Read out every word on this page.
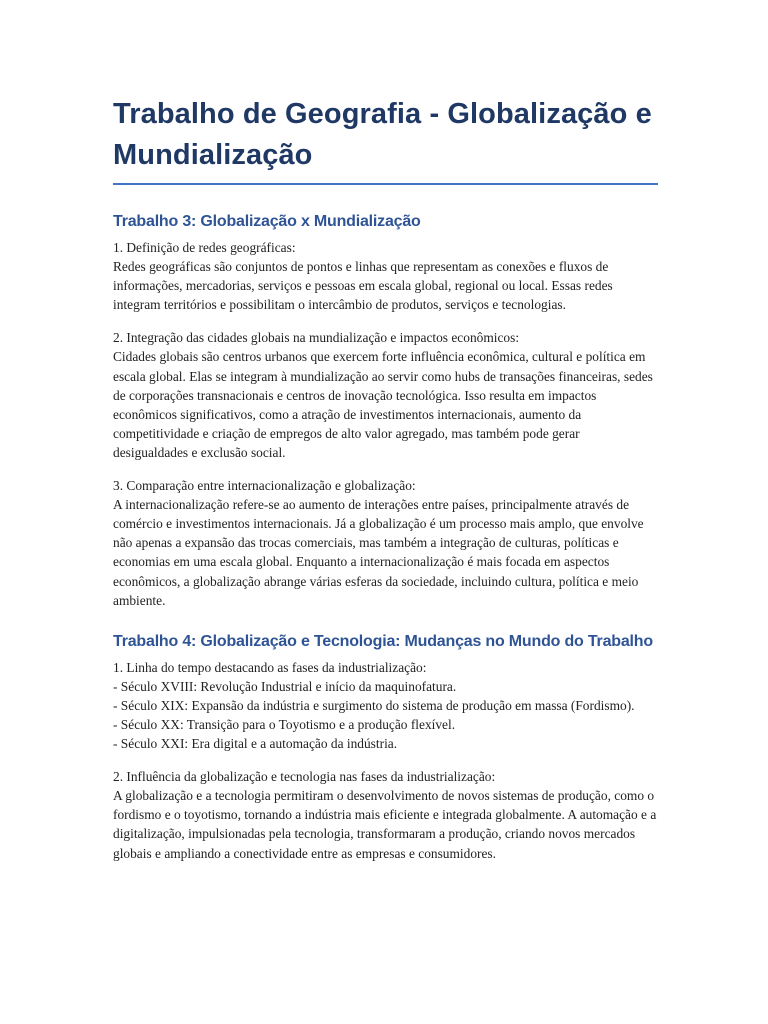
Trabalho de Geografia - Globalização e Mundialização
Trabalho 3: Globalização x Mundialização

1. Definição de redes geográficas:
Redes geográficas são conjuntos de pontos e linhas que representam as conexões e fluxos de informações, mercadorias, serviços e pessoas em escala global, regional ou local. Essas redes integram territórios e possibilitam o intercâmbio de produtos, serviços e tecnologias.

2. Integração das cidades globais na mundialização e impactos econômicos:
Cidades globais são centros urbanos que exercem forte influência econômica, cultural e política em escala global. Elas se integram à mundialização ao servir como hubs de transações financeiras, sedes de corporações transnacionais e centros de inovação tecnológica. Isso resulta em impactos econômicos significativos, como a atração de investimentos internacionais, aumento da competitividade e criação de empregos de alto valor agregado, mas também pode gerar desigualdades e exclusão social.

3. Comparação entre internacionalização e globalização:
A internacionalização refere-se ao aumento de interações entre países, principalmente através de comércio e investimentos internacionais. Já a globalização é um processo mais amplo, que envolve não apenas a expansão das trocas comerciais, mas também a integração de culturas, políticas e economias em uma escala global. Enquanto a internacionalização é mais focada em aspectos econômicos, a globalização abrange várias esferas da sociedade, incluindo cultura, política e meio ambiente.

Trabalho 4: Globalização e Tecnologia: Mudanças no Mundo do Trabalho

1. Linha do tempo destacando as fases da industrialização:
- Século XVIII: Revolução Industrial e início da maquinofatura.
- Século XIX: Expansão da indústria e surgimento do sistema de produção em massa (Fordismo).
- Século XX: Transição para o Toyotismo e a produção flexível.
- Século XXI: Era digital e a automação da indústria.

2. Influência da globalização e tecnologia nas fases da industrialização:
A globalização e a tecnologia permitiram o desenvolvimento de novos sistemas de produção, como o fordismo e o toyotismo, tornando a indústria mais eficiente e integrada globalmente. A automação e a digitalização, impulsionadas pela tecnologia, transformaram a produção, criando novos mercados globais e ampliando a conectividade entre as empresas e consumidores.
